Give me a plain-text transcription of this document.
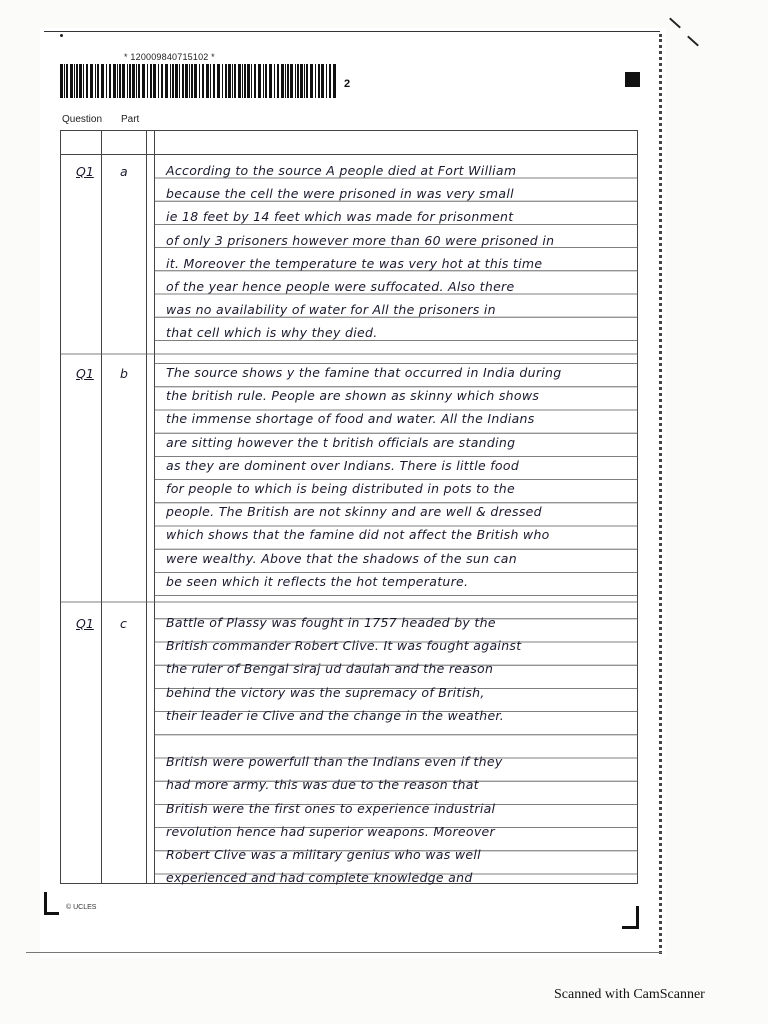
* 120009840715102 *
2
Question Part
Q1 a	According to the source A people died at Fort William
because the cell the were prisoned in was very small
ie 18 feet by 14 feet which was made for prisonment
of only 3 prisoners however more than 60 were prisoned in
it. Moreover the temperature te was very hot at this time
of the year hence people were suffocated. Also there
was no availability of water for All the prisoners in
that cell which is why they died.
Q1 b	The source shows y the famine that occurred in India during
the british rule. People are shown as skinny which shows
the immense shortage of food and water. All the Indians
are sitting however the t british officials are standing
as they are dominent over Indians. There is little food
for people to which is being distributed in pots to the
people. The British are not skinny and are well & dressed
which shows that the famine did not affect the British who
were wealthy. Above that the shadows of the sun can
be seen which it reflects the hot temperature.
Q1 c	Battle of Plassy was fought in 1757 headed by the
British commander Robert Clive. It was fought against
the ruler of Bengal siraj ud daulah and the reason
behind the victory was the supremacy of British,
their leader ie Clive and the change in the weather.
British were powerfull than the Indians even if they
had more army. this was due to the reason that
British were the first ones to experience industrial
revolution hence had superior weapons. Moreover
Robert Clive was a military genius who was well
experienced and had complete knowledge and
© UCLES
Scanned with CamScanner
